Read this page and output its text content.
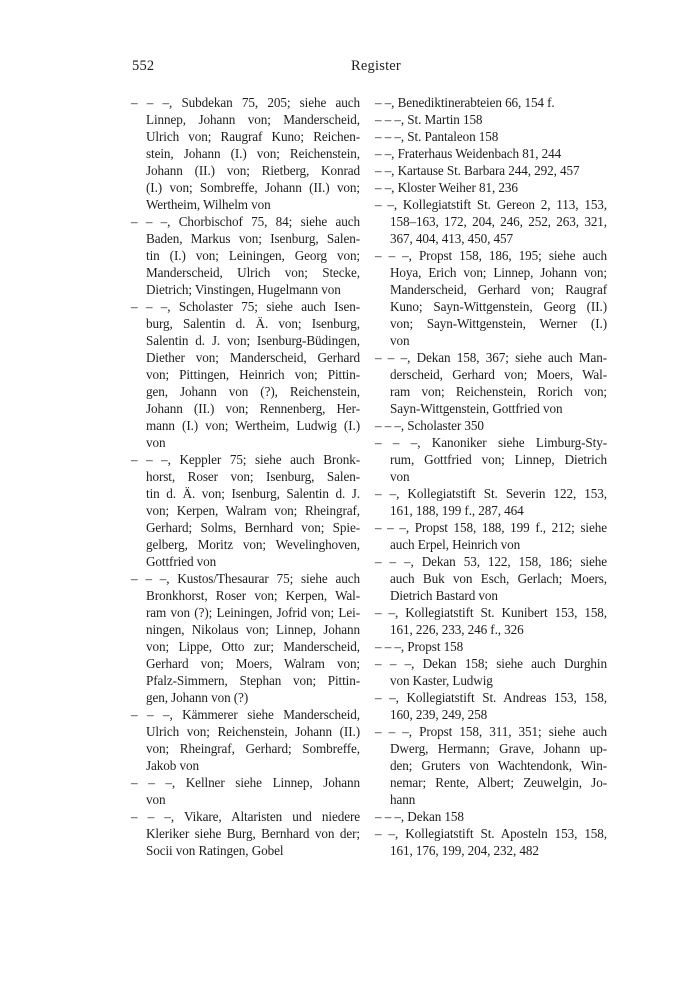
552	Register
– – –, Subdekan 75, 205; siehe auch
Linnep, Johann von; Manderscheid,
Ulrich von; Raugraf Kuno; Reichen-
stein, Johann (I.) von; Reichenstein,
Johann (II.) von; Rietberg, Konrad
(I.) von; Sombreffe, Johann (II.) von;
Wertheim, Wilhelm von
– – –, Chorbischof 75, 84; siehe auch
Baden, Markus von; Isenburg, Salen-
tin (I.) von; Leiningen, Georg von;
Manderscheid, Ulrich von; Stecke,
Dietrich; Vinstingen, Hugelmann von
– – –, Scholaster 75; siehe auch Isen-
burg, Salentin d. Ä. von; Isenburg,
Salentin d. J. von; Isenburg-Büdingen,
Diether von; Manderscheid, Gerhard
von; Pittingen, Heinrich von; Pittin-
gen, Johann von (?), Reichenstein,
Johann (II.) von; Rennenberg, Her-
mann (I.) von; Wertheim, Ludwig (I.)
von
– – –, Keppler 75; siehe auch Bronk-
horst, Roser von; Isenburg, Salen-
tin d. Ä. von; Isenburg, Salentin d. J.
von; Kerpen, Walram von; Rheingraf,
Gerhard; Solms, Bernhard von; Spie-
gelberg, Moritz von; Wevelinghoven,
Gottfried von
– – –, Kustos/Thesaurar 75; siehe auch
Bronkhorst, Roser von; Kerpen, Wal-
ram von (?); Leiningen, Jofrid von; Lei-
ningen, Nikolaus von; Linnep, Johann
von; Lippe, Otto zur; Manderscheid,
Gerhard von; Moers, Walram von;
Pfalz-Simmern, Stephan von; Pittin-
gen, Johann von (?)
– – –, Kämmerer siehe Manderscheid,
Ulrich von; Reichenstein, Johann (II.)
von; Rheingraf, Gerhard; Sombreffe,
Jakob von
– – –, Kellner siehe Linnep, Johann
von
– – –, Vikare, Altaristen und niedere
Kleriker siehe Burg, Bernhard von der;
Socii von Ratingen, Gobel
– –, Benediktinerabteien 66, 154 f.
– – –, St. Martin 158
– – –, St. Pantaleon 158
– –, Fraterhaus Weidenbach 81, 244
– –, Kartause St. Barbara 244, 292, 457
– –, Kloster Weiher 81, 236
– –, Kollegiatstift St. Gereon 2, 113, 153,
158–163, 172, 204, 246, 252, 263, 321,
367, 404, 413, 450, 457
– – –, Propst 158, 186, 195; siehe auch
Hoya, Erich von; Linnep, Johann von;
Manderscheid, Gerhard von; Raugraf
Kuno; Sayn-Wittgenstein, Georg (II.)
von; Sayn-Wittgenstein, Werner (I.)
von
– – –, Dekan 158, 367; siehe auch Man-
derscheid, Gerhard von; Moers, Wal-
ram von; Reichenstein, Rorich von;
Sayn-Wittgenstein, Gottfried von
– – –, Scholaster 350
– – –, Kanoniker siehe Limburg-Sty-
rum, Gottfried von; Linnep, Dietrich
von
– –, Kollegiatstift St. Severin 122, 153,
161, 188, 199 f., 287, 464
– – –, Propst 158, 188, 199 f., 212; siehe
auch Erpel, Heinrich von
– – –, Dekan 53, 122, 158, 186; siehe
auch Buk von Esch, Gerlach; Moers,
Dietrich Bastard von
– –, Kollegiatstift St. Kunibert 153, 158,
161, 226, 233, 246 f., 326
– – –, Propst 158
– – –, Dekan 158; siehe auch Durghin
von Kaster, Ludwig
– –, Kollegiatstift St. Andreas 153, 158,
160, 239, 249, 258
– – –, Propst 158, 311, 351; siehe auch
Dwerg, Hermann; Grave, Johann up-
den; Gruters von Wachtendonk, Win-
nemar; Rente, Albert; Zeuwelgin, Jo-
hann
– – –, Dekan 158
– –, Kollegiatstift St. Aposteln 153, 158,
161, 176, 199, 204, 232, 482
